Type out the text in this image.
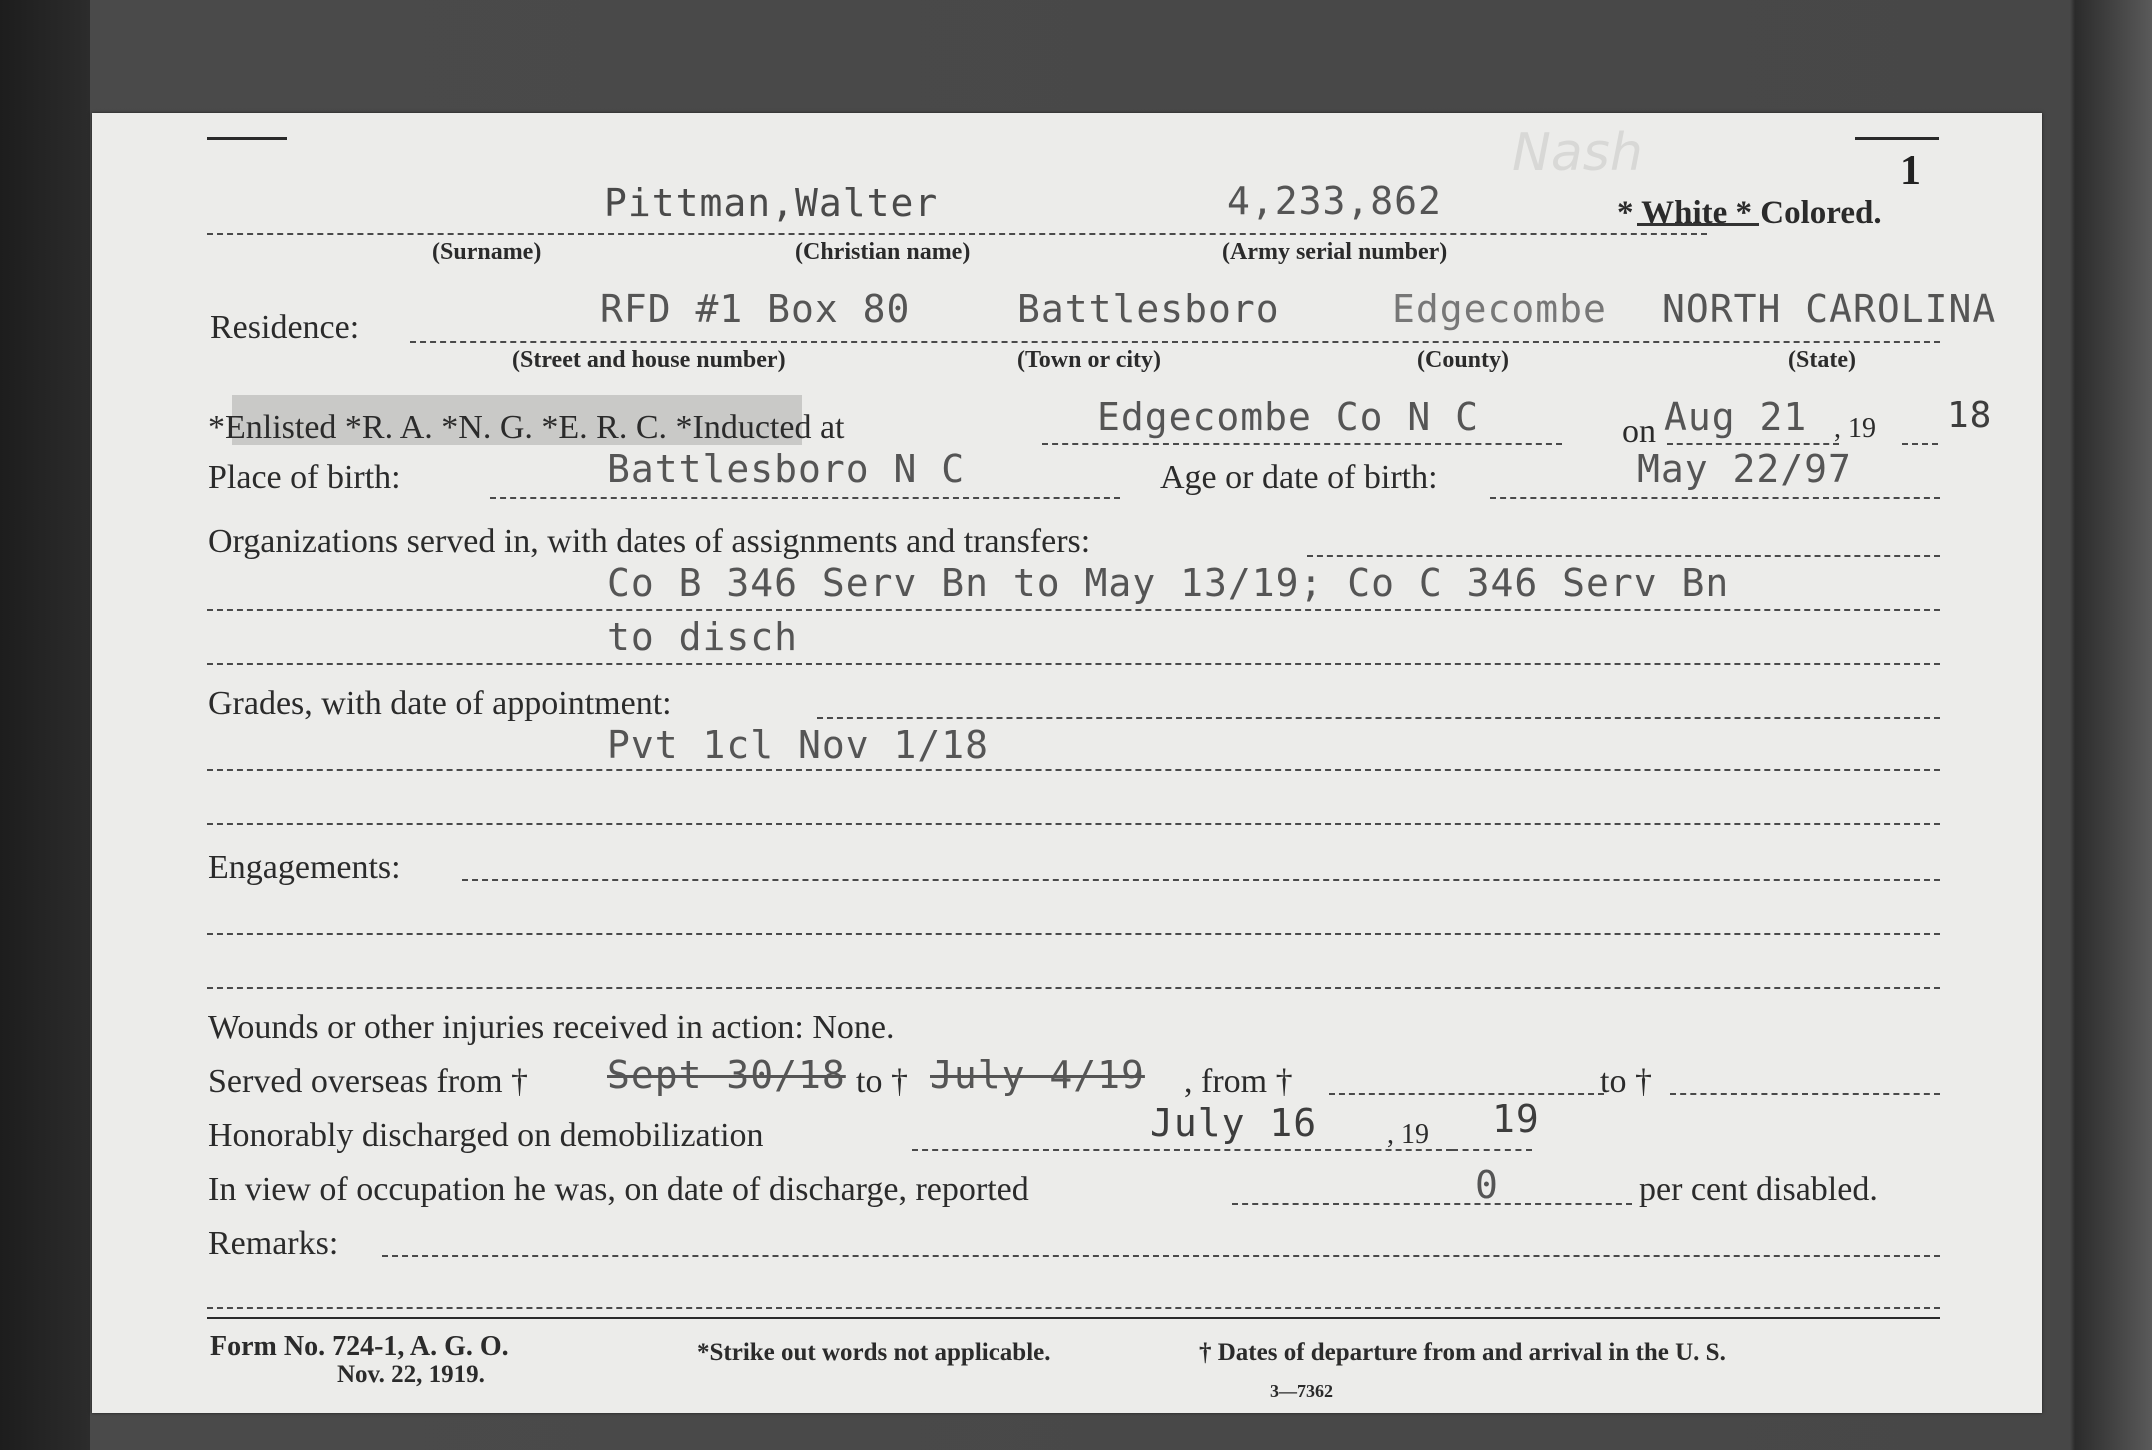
Nash	1
Pittman,Walter	4,233,862	* White * Colored.
(Surname)	(Christian name)	(Army serial number)
Residence:	RFD #1 Box 80	Battlesboro	Edgecombe NORTH CAROLINA
(Street and house number)	(Town or city)	(County)	(State)
*Enlisted *R. A. *N. G. *E. R. C. *Inducted at	Edgecombe Co N C	on Aug 21 , 19 18
Place of birth:	Battlesboro N C	Age or date of birth:	May 22/97
Organizations served in, with dates of assignments and transfers:
Co B 346 Serv Bn to May 13/19; Co C 346 Serv Bn
to disch
Grades, with date of appointment:
Pvt 1cl Nov 1/18
Engagements:
Wounds or other injuries received in action: None.
Served overseas from † Sept 30/18 to † July 4/19 , from †	to †
Honorably discharged on demobilization	July 16 , 19 19
In view of occupation he was, on date of discharge, reported	0	per cent disabled.
Remarks:
Form No. 724-1, A. G. O.
Nov. 22, 1919.
*Strike out words not applicable.	† Dates of departure from and arrival in the U. S.
3—7362
